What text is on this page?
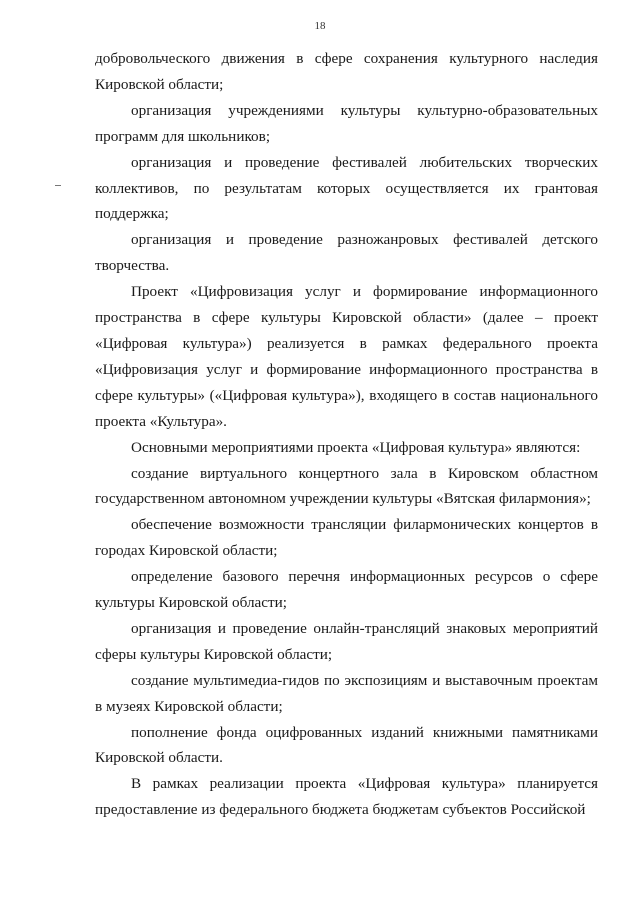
18

добровольческого движения в сфере сохранения культурного наследия Кировской области;

организация учреждениями культуры культурно-образовательных программ для школьников;

организация и проведение фестивалей любительских творческих коллективов, по результатам которых осуществляется их грантовая поддержка;

организация и проведение разножанровых фестивалей детского творчества.

Проект «Цифровизация услуг и формирование информационного пространства в сфере культуры Кировской области» (далее – проект «Цифровая культура») реализуется в рамках федерального проекта «Цифровизация услуг и формирование информационного пространства в сфере культуры» («Цифровая культура»), входящего в состав национального проекта «Культура».

Основными мероприятиями проекта «Цифровая культура» являются:

создание виртуального концертного зала в Кировском областном государственном автономном учреждении культуры «Вятская филармония»;

обеспечение возможности трансляции филармонических концертов в городах Кировской области;

определение базового перечня информационных ресурсов о сфере культуры Кировской области;

организация и проведение онлайн-трансляций знаковых мероприятий сферы культуры Кировской области;

создание мультимедиа-гидов по экспозициям и выставочным проектам в музеях Кировской области;

пополнение фонда оцифрованных изданий книжными памятниками Кировской области.

В рамках реализации проекта «Цифровая культура» планируется предоставление из федерального бюджета бюджетам субъектов Российской
